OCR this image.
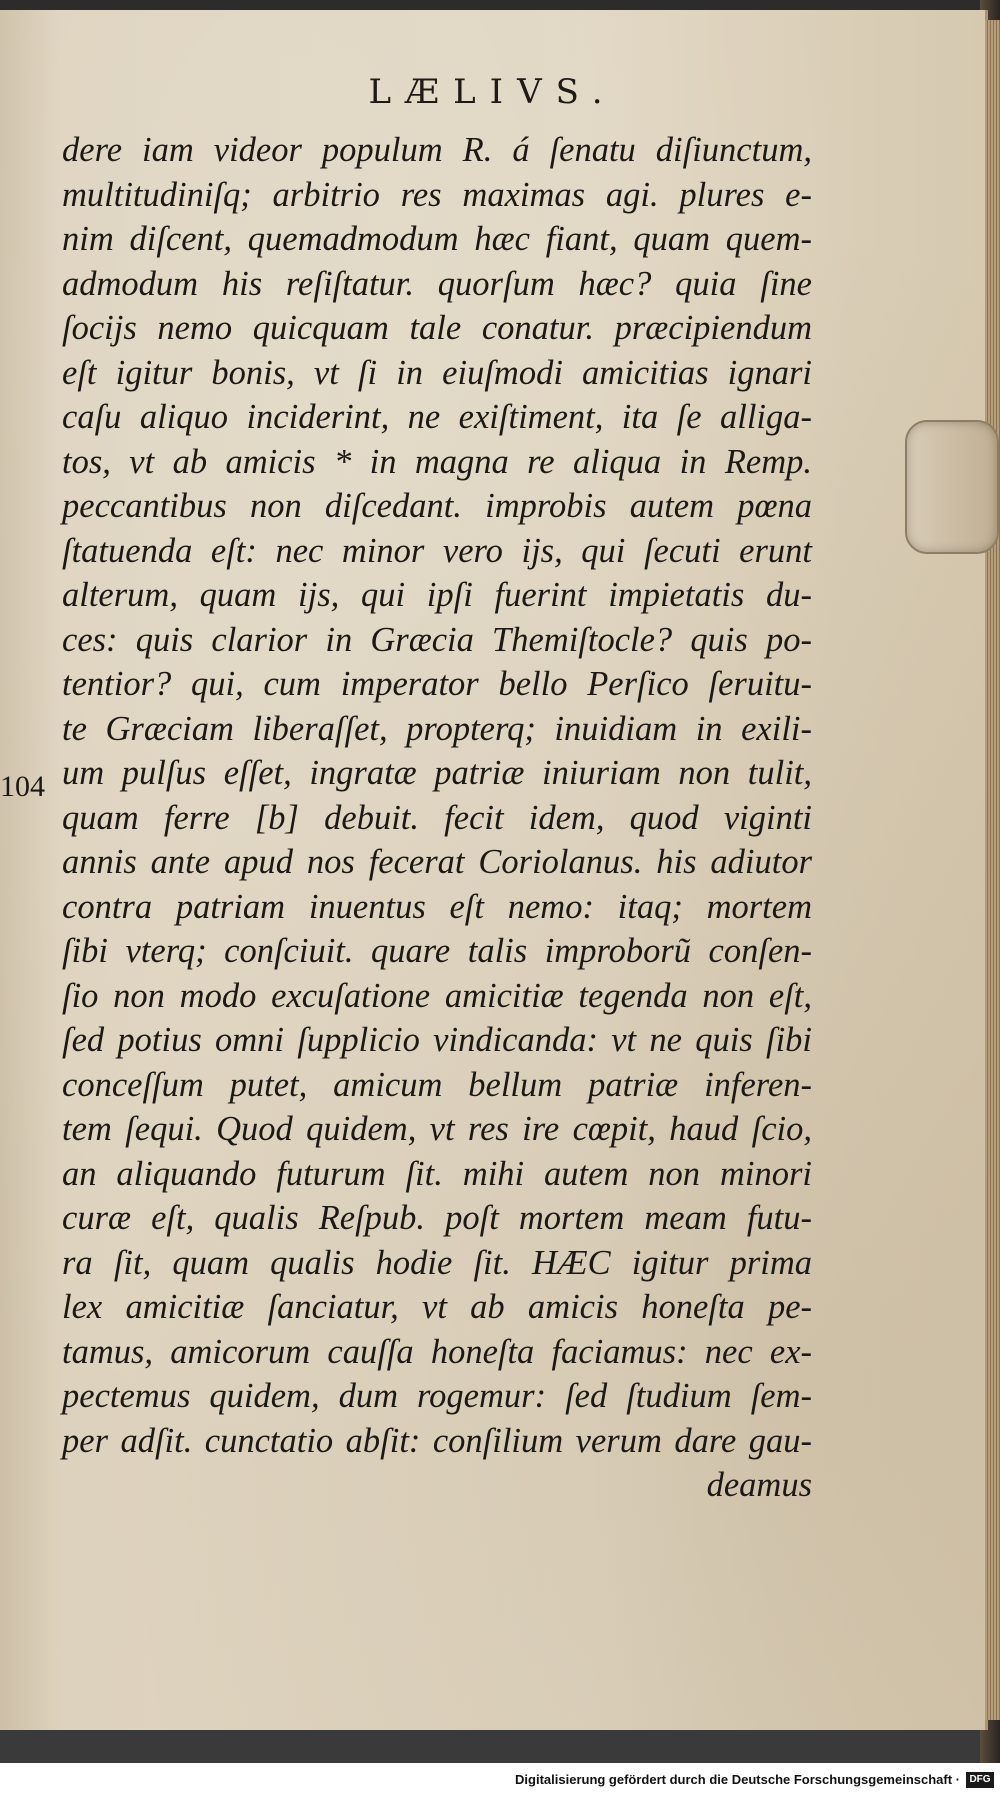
LÆLIVS.
104
dere iam videor populum R. á ſenatu diſiunctum,
multitudiniſq; arbitrio res maximas agi. plures e-
nim diſcent, quemadmodum hæc fiant, quam quem-
admodum his reſiſtatur. quorſum hæc? quia ſine
ſocijs nemo quicquam tale conatur. præcipiendum
eſt igitur bonis, vt ſi in eiuſmodi amicitias ignari
caſu aliquo inciderint, ne exiſtiment, ita ſe alliga-
tos, vt ab amicis * in magna re aliqua in Remp.
peccantibus non diſcedant. improbis autem pœna
ſtatuenda eſt: nec minor vero ijs, qui ſecuti erunt
alterum, quam ijs, qui ipſi fuerint impietatis du-
ces: quis clarior in Græcia Themiſtocle? quis po-
tentior? qui, cum imperator bello Perſico ſeruitu-
te Græciam liberaſſet, propterq; inuidiam in exili-
um pulſus eſſet, ingratæ patriæ iniuriam non tulit,
quam ferre [b] debuit. fecit idem, quod viginti
annis ante apud nos fecerat Coriolanus. his adiutor
contra patriam inuentus eſt nemo: itaq; mortem
ſibi vterq; conſciuit. quare talis improborũ conſen-
ſio non modo excuſatione amicitiæ tegenda non eſt,
ſed potius omni ſupplicio vindicanda: vt ne quis ſibi
conceſſum putet, amicum bellum patriæ inferen-
tem ſequi. Quod quidem, vt res ire cœpit, haud ſcio,
an aliquando futurum ſit. mihi autem non minori
curæ eſt, qualis Reſpub. poſt mortem meam futu-
ra ſit, quam qualis hodie ſit. HÆC igitur prima
lex amicitiæ ſanciatur, vt ab amicis honeſta pe-
tamus, amicorum cauſſa honeſta faciamus: nec ex-
pectemus quidem, dum rogemur: ſed ſtudium ſem-
per adſit. cunctatio abſit: conſilium verum dare gau-
deamus
Digitalisierung gefördert durch die Deutsche Forschungsgemeinschaft · DFG
